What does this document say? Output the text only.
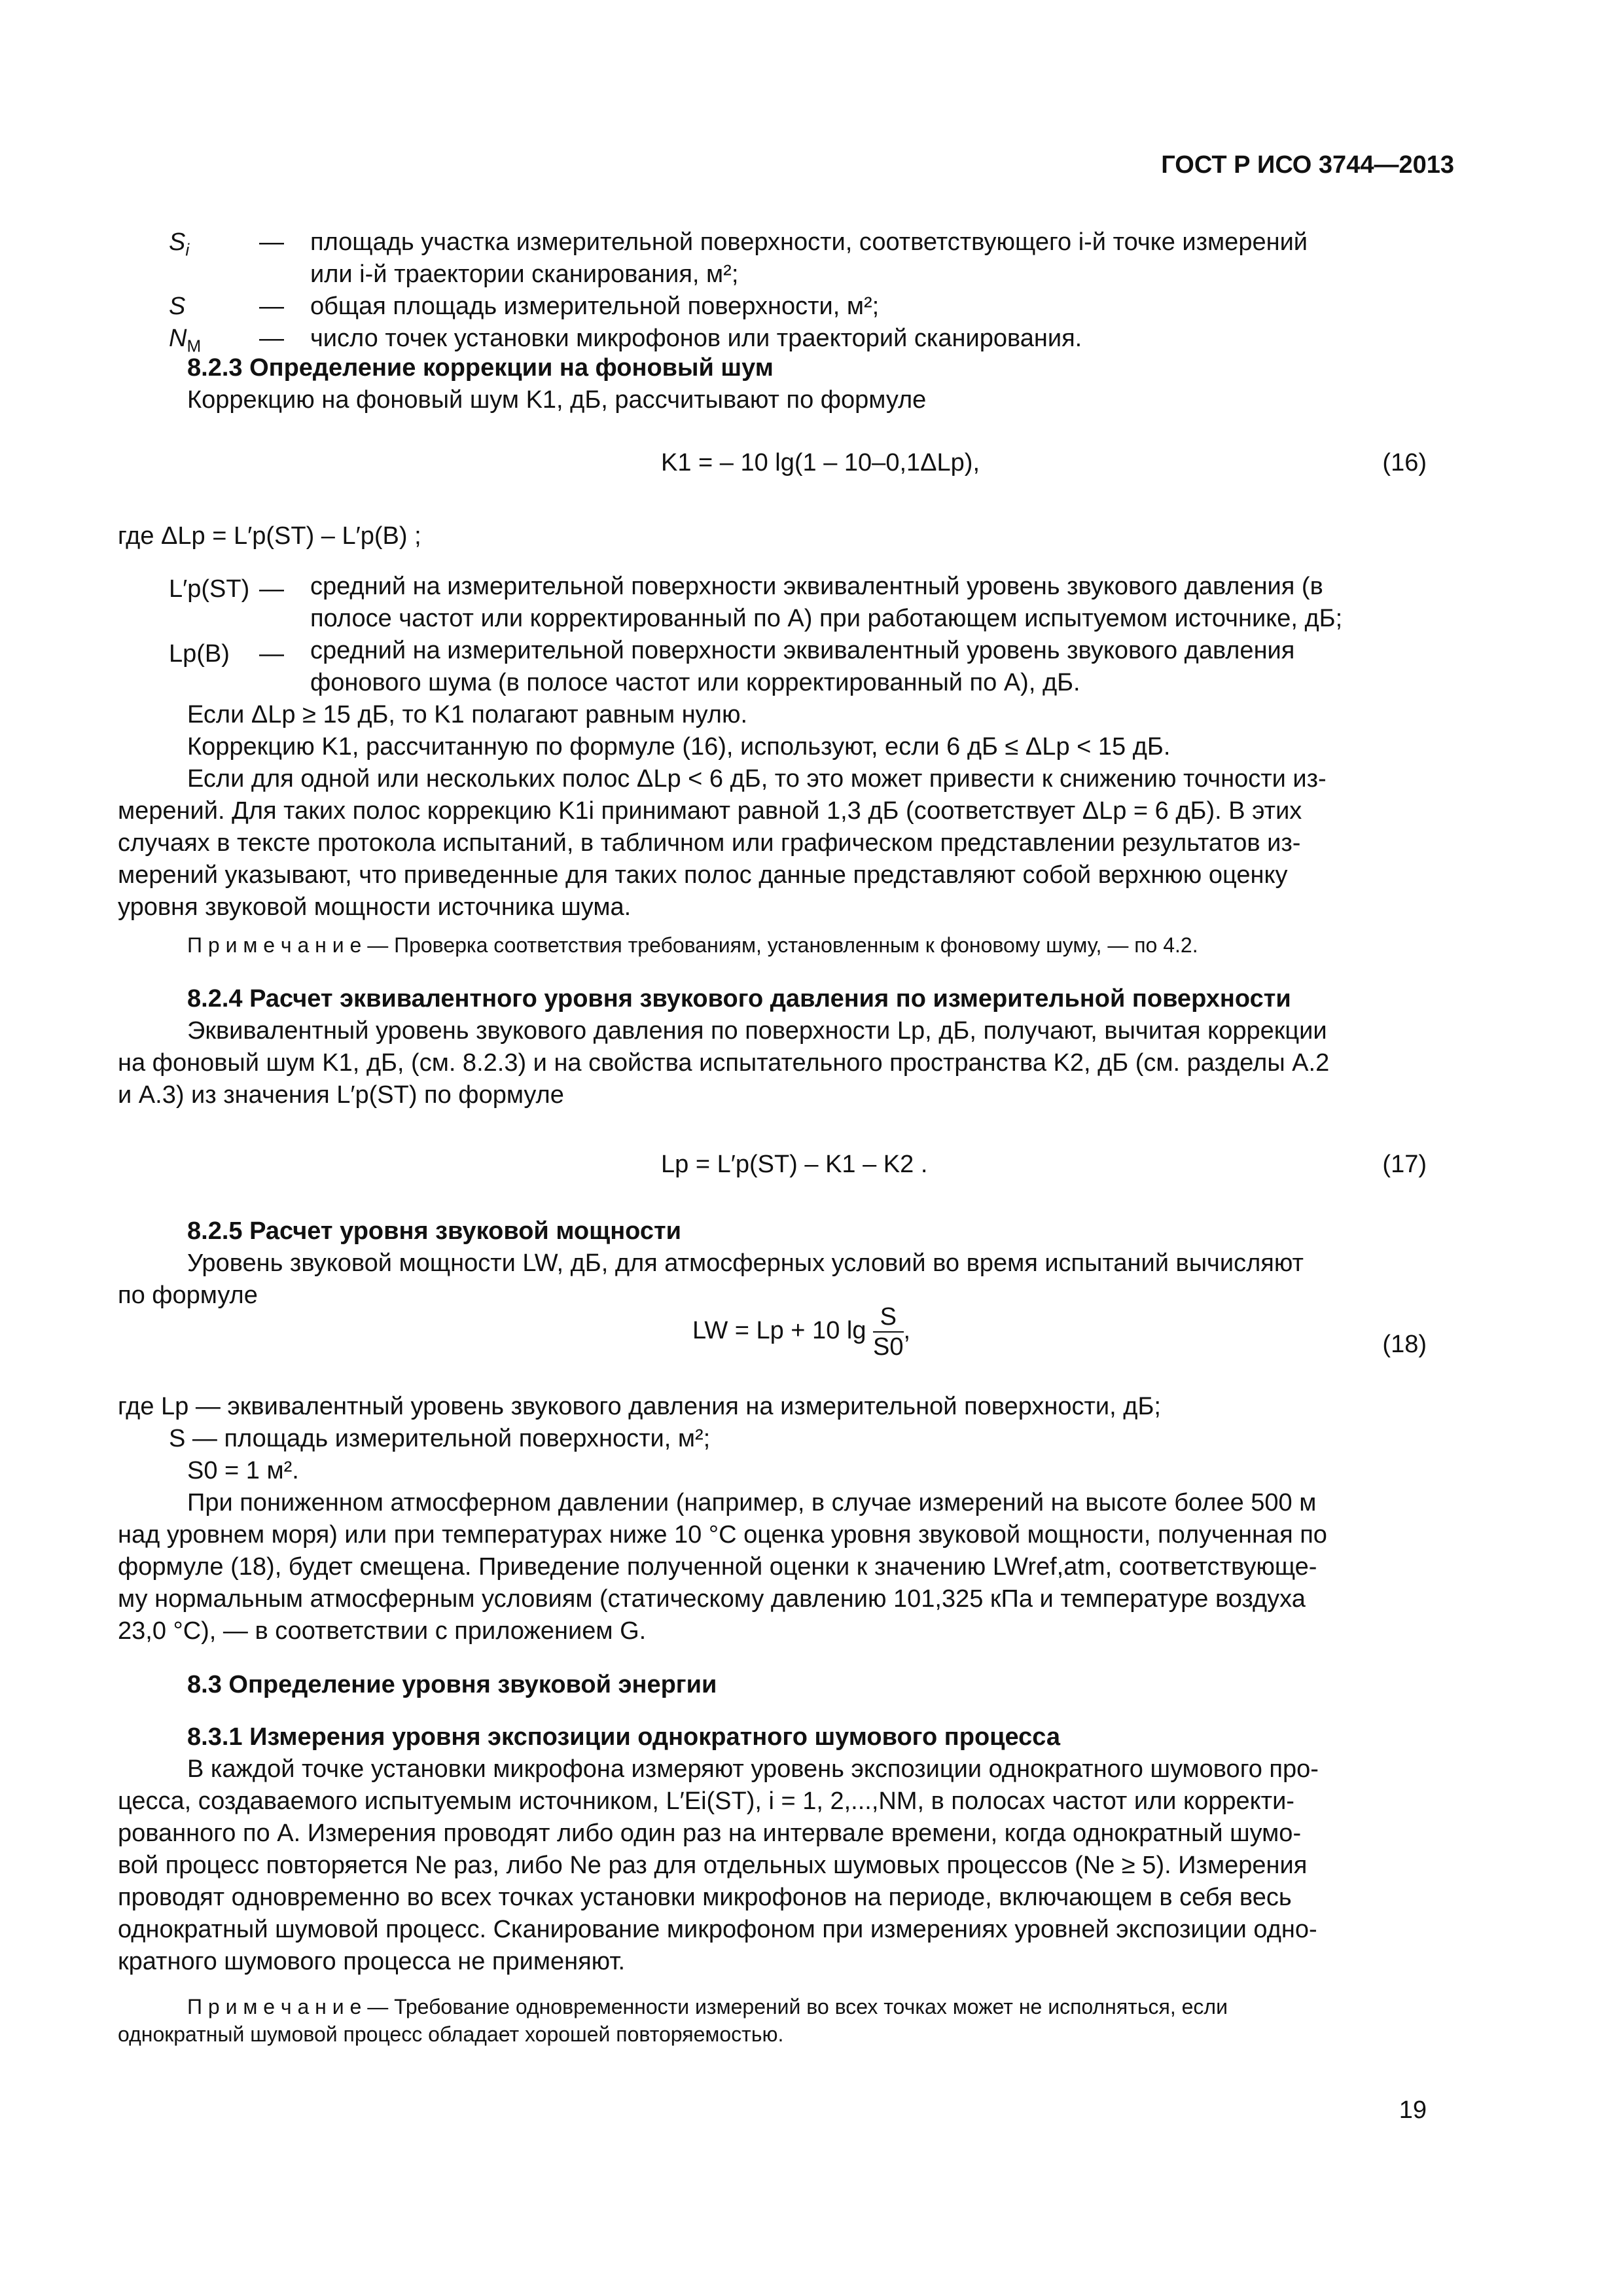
ГОСТ Р ИСО 3744—2013
$S_i$	— площадь участка измерительной поверхности, соответствующего i-й точке измерений
или i-й траектории сканирования, м²;
S	— общая площадь измерительной поверхности, м²;
$N_M$ — число точек установки микрофонов или траекторий сканирования.
8.2.3 Определение коррекции на фоновый шум
Коррекцию на фоновый шум K1, дБ, рассчитывают по формуле
K1 = – 10 lg(1 – 10–0,1ΔLp),	(16)
где ΔLp = L′p(ST) – L′p(B) ;
L′p(ST) — средний на измерительной поверхности эквивалентный уровень звукового давления (в
полосе частот или корректированный по A) при работающем испытуемом источнике, дБ;
Lp(B) — средний на измерительной поверхности эквивалентный уровень звукового давления
фонового шума (в полосе частот или корректированный по A), дБ.
Если ΔLp ≥ 15 дБ, то K1 полагают равным нулю.
Коррекцию K1, рассчитанную по формуле (16), используют, если 6 дБ ≤ ΔLp < 15 дБ.
Если для одной или нескольких полос ΔLp < 6 дБ, то это может привести к снижению точности из-
мерений. Для таких полос коррекцию K1i принимают равной 1,3 дБ (соответствует ΔLp = 6 дБ). В этих
случаях в тексте протокола испытаний, в табличном или графическом представлении результатов из-
мерений указывают, что приведенные для таких полос данные представляют собой верхнюю оценку
уровня звуковой мощности источника шума.
П р и м е ч а н и е — Проверка соответствия требованиям, установленным к фоновому шуму, — по 4.2.
8.2.4 Расчет эквивалентного уровня звукового давления по измерительной поверхности
Эквивалентный уровень звукового давления по поверхности Lp, дБ, получают, вычитая коррекции
на фоновый шум K1, дБ, (см. 8.2.3) и на свойства испытательного пространства K2, дБ (см. разделы А.2
и А.3) из значения L′p(ST) по формуле
Lp = L′p(ST) – K1 – K2 .	(17)
8.2.5 Расчет уровня звуковой мощности
Уровень звуковой мощности LW, дБ, для атмосферных условий во время испытаний вычисляют
по формуле
LW = Lp + 10 $\lg \frac{S}{S0}$ ,	(18)
где Lp — эквивалентный уровень звукового давления на измерительной поверхности, дБ;
S — площадь измерительной поверхности, м²;
S0 = 1 м².
При пониженном атмосферном давлении (например, в случае измерений на высоте более 500 м
над уровнем моря) или при температурах ниже 10 °С оценка уровня звуковой мощности, полученная по
формуле (18), будет смещена. Приведение полученной оценки к значению LWref,atm, соответствующе-
му нормальным атмосферным условиям (статическому давлению 101,325 кПа и температуре воздуха
23,0 °С), — в соответствии с приложением G.
8.3 Определение уровня звуковой энергии
8.3.1 Измерения уровня экспозиции однократного шумового процесса
В каждой точке установки микрофона измеряют уровень экспозиции однократного шумового про-
цесса, создаваемого испытуемым источником, L′Ei(ST), i = 1, 2,...,NM, в полосах частот или корректи-
рованного по A. Измерения проводят либо один раз на интервале времени, когда однократный шумо-
вой процесс повторяется Ne раз, либо Ne раз для отдельных шумовых процессов (Ne ≥ 5). Измерения
проводят одновременно во всех точках установки микрофонов на периоде, включающем в себя весь
однократный шумовой процесс. Сканирование микрофоном при измерениях уровней экспозиции одно-
кратного шумового процесса не применяют.
П р и м е ч а н и е — Требование одновременности измерений во всех точках может не исполняться, если
однократный шумовой процесс обладает хорошей повторяемостью.
19
